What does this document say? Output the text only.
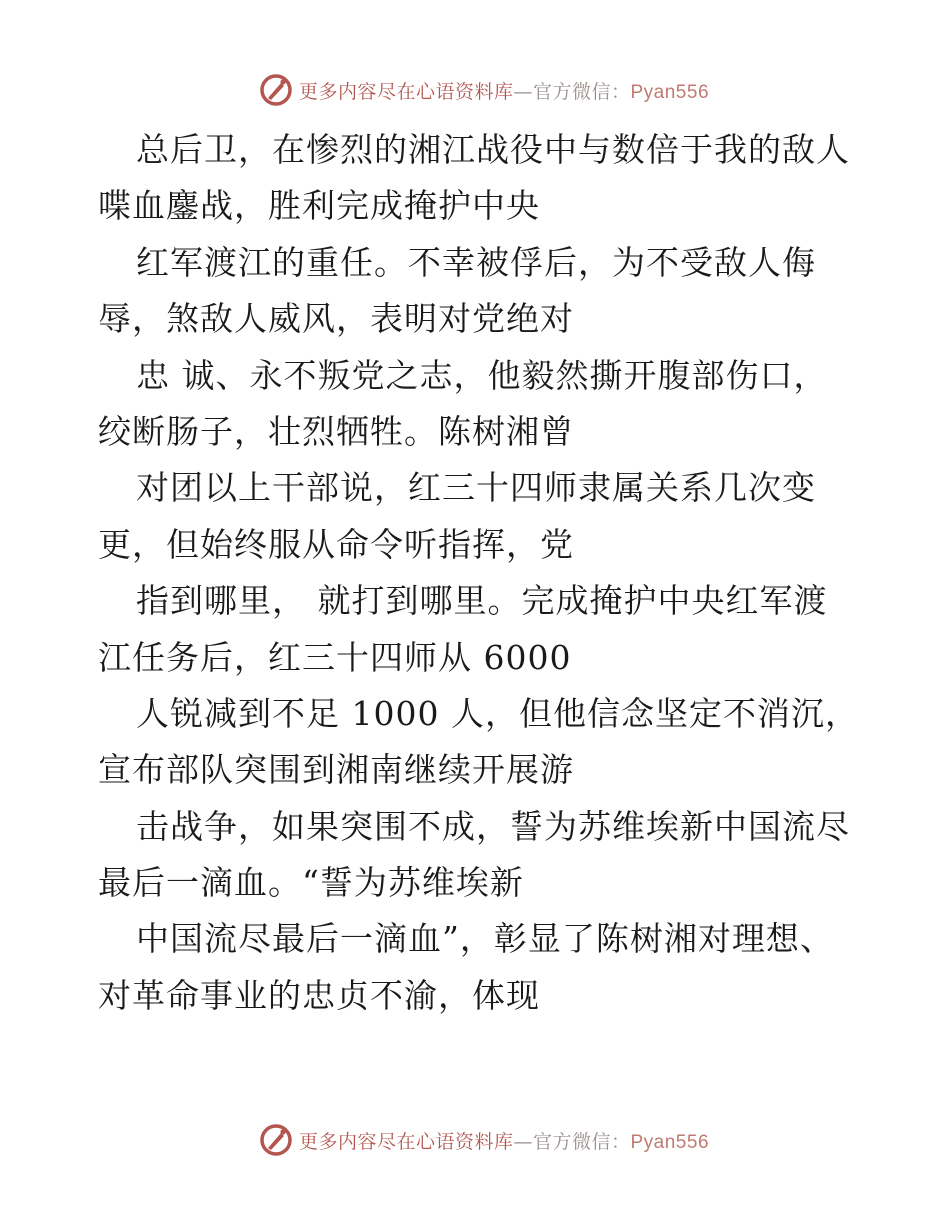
更多内容尽在心语资料库—官方微信：Pyan556
总后卫，在惨烈的湘江战役中与数倍于我的敌人
喋血鏖战，胜利完成掩护中央
红军渡江的重任。不幸被俘后，为不受敌人侮
辱，煞敌人威风，表明对党绝对
忠 诚、永不叛党之志，他毅然撕开腹部伤口，
绞断肠子，壮烈牺牲。陈树湘曾
对团以上干部说，红三十四师隶属关系几次变
更，但始终服从命令听指挥，党
指到哪里， 就打到哪里。完成掩护中央红军渡
江任务后，红三十四师从 6000
人锐减到不足 1000 人，但他信念坚定不消沉，
宣布部队突围到湘南继续开展游
击战争，如果突围不成，誓为苏维埃新中国流尽
最后一滴血。“誓为苏维埃新
中国流尽最后一滴血”，彰显了陈树湘对理想、
对革命事业的忠贞不渝，体现
更多内容尽在心语资料库—官方微信：Pyan556
